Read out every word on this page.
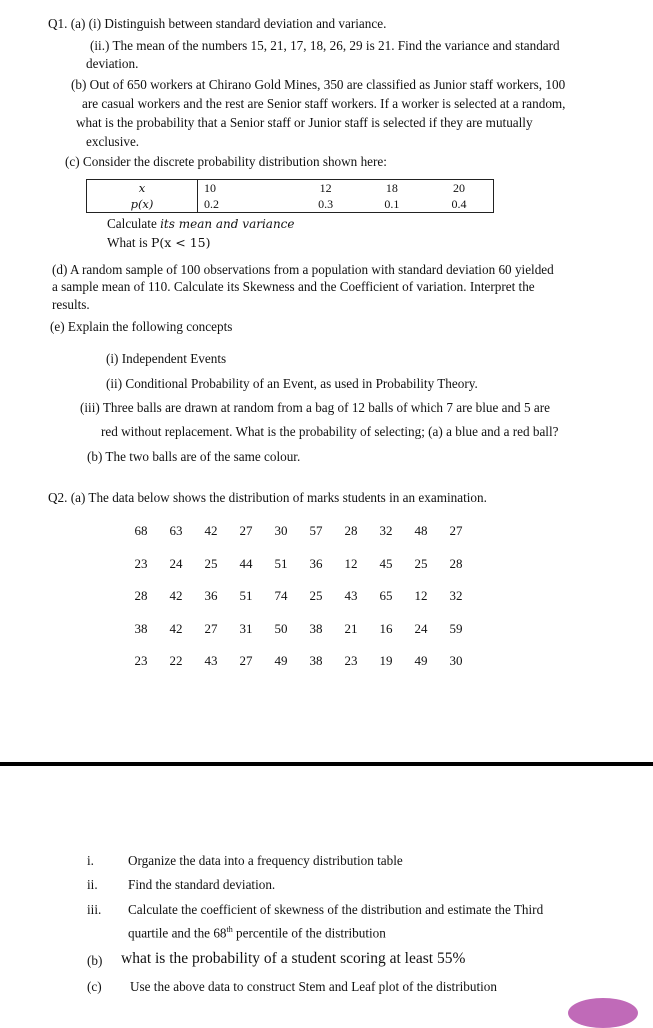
Q1. (a) (i) Distinguish between standard deviation and variance.
(ii.) The mean of the numbers 15, 21, 17, 18, 26, 29 is 21. Find the variance and standard
deviation.
(b) Out of 650 workers at Chirano Gold Mines, 350 are classified as Junior staff workers, 100
are casual workers and the rest are Senior staff workers. If a worker is selected at a random,
what is the probability that a Senior staff or Junior staff is selected if they are mutually
exclusive.
(c) Consider the discrete probability distribution shown here:
x	10	12	18	20
p(x)	0.2	0.3	0.1	0.4
Calculate its mean and variance
What is P(x < 15)
(d) A random sample of 100 observations from a population with standard deviation 60 yielded
a sample mean of 110. Calculate its Skewness and the Coefficient of variation. Interpret the
results.
(e) Explain the following concepts
(i) Independent Events
(ii) Conditional Probability of an Event, as used in Probability Theory.
(iii) Three balls are drawn at random from a bag of 12 balls of which 7 are blue and 5 are
red without replacement. What is the probability of selecting; (a) a blue and a red ball?
(b) The two balls are of the same colour.
Q2. (a) The data below shows the distribution of marks students in an examination.
68	63	42	27	30	57	28	32	48	27
23	24	25	44	51	36	12	45	25	28
28	42	36	51	74	25	43	65	12	32
38	42	27	31	50	38	21	16	24	59
23	22	43	27	49	38	23	19	49	30
i.	Organize the data into a frequency distribution table
ii. Find the standard deviation.
iii. Calculate the coefficient of skewness of the distribution and estimate the Third
quartile and the 68th percentile of the distribution
(b) what is the probability of a student scoring at least 55%
(c) Use the above data to construct Stem and Leaf plot of the distribution
